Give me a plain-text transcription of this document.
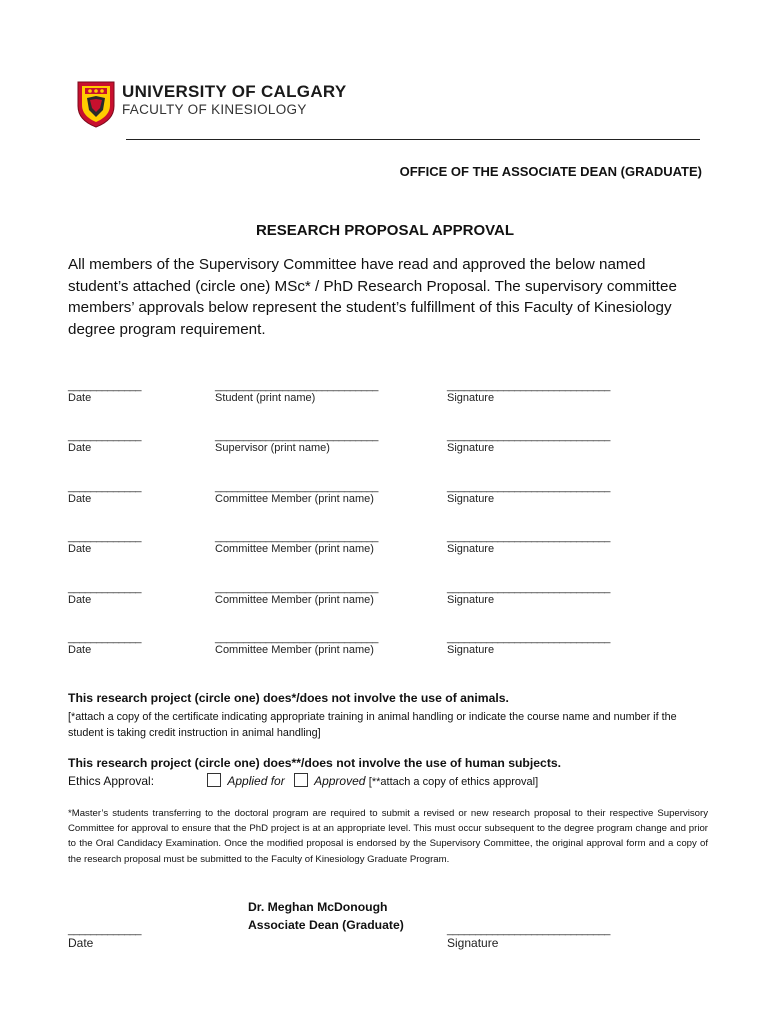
UNIVERSITY OF CALGARY
FACULTY OF KINESIOLOGY
OFFICE OF THE ASSOCIATE DEAN (GRADUATE)
RESEARCH PROPOSAL APPROVAL
All members of the Supervisory Committee have read and approved the below named student’s attached (circle one) MSc* / PhD Research Proposal. The supervisory committee members’ approvals below represent the student’s fulfillment of this Faculty of Kinesiology degree program requirement.
_____________	_____________________________	_____________________________
Date	Student (print name)	Signature
_____________	_____________________________	_____________________________
Date	Supervisor (print name)	Signature
_____________	_____________________________	_____________________________
Date	Committee Member (print name)	Signature
_____________	_____________________________	_____________________________
Date	Committee Member (print name)	Signature
_____________	_____________________________	_____________________________
Date	Committee Member (print name)	Signature
_____________	_____________________________	_____________________________
Date	Committee Member (print name)	Signature
This research project (circle one) does*/does not involve the use of animals.
[*attach a copy of the certificate indicating appropriate training in animal handling or indicate the course name and number if the student is taking credit instruction in animal handling]
This research project (circle one) does**/does not involve the use of human subjects.
Ethics Approval:	Applied for Approved [**attach a copy of ethics approval]
*Master’s students transferring to the doctoral program are required to submit a revised or new research proposal to their respective Supervisory Committee for approval to ensure that the PhD project is at an appropriate level. This must occur subsequent to the degree program change and prior to the Oral Candidacy Examination. Once the modified proposal is endorsed by the Supervisory Committee, the original approval form and a copy of the research proposal must be submitted to the Faculty of Kinesiology Graduate Program.
Dr. Meghan McDonough
Associate Dean (Graduate)
_____________	_____________________________
Date	Signature
